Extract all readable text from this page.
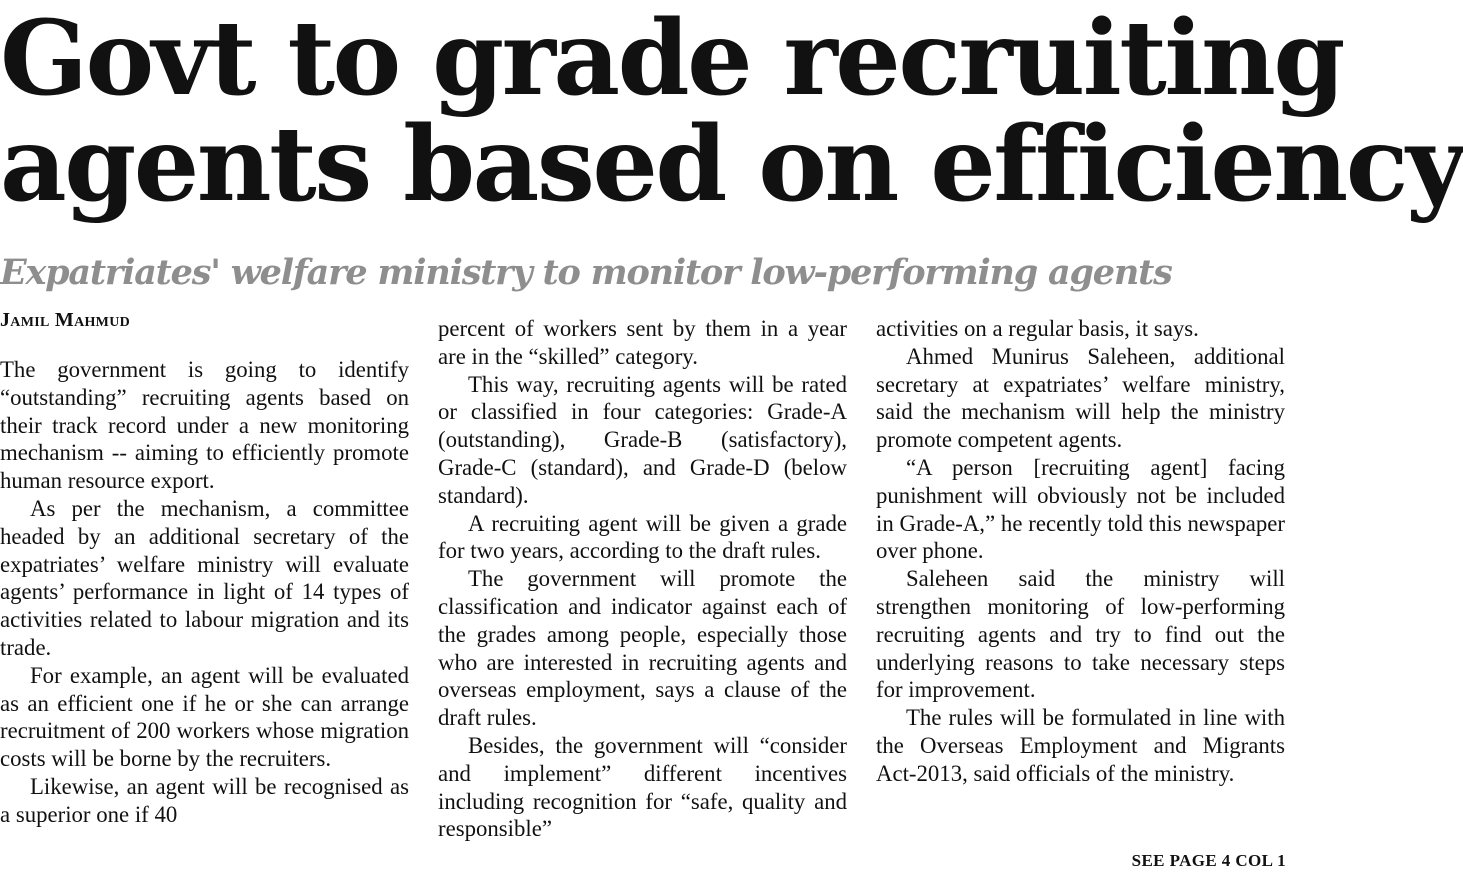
Govt to grade recruiting
agents based on efficiency
Expatriates' welfare ministry to monitor low-performing agents
Jamil Mahmud

The government is going to identify “outstanding” recruiting agents based on their track record under a new monitoring mechanism -- aiming to efficiently promote human resource export.

As per the mechanism, a committee headed by an additional secretary of the expatriates’ welfare ministry will evaluate agents’ performance in light of 14 types of activities related to labour migration and its trade.

For example, an agent will be evaluated as an efficient one if he or she can arrange recruitment of 200 workers whose migration costs will be borne by the recruiters.

Likewise, an agent will be recognised as a superior one if 40

percent of workers sent by them in a year are in the “skilled” category.

This way, recruiting agents will be rated or classified in four categories: Grade-A (outstanding), Grade-B (satisfactory), Grade-C (standard), and Grade-D (below standard).

A recruiting agent will be given a grade for two years, according to the draft rules.

The government will promote the classification and indicator against each of the grades among people, especially those who are interested in recruiting agents and overseas employment, says a clause of the draft rules.

Besides, the government will “consider and implement” different incentives including recognition for “safe, quality and responsible”

activities on a regular basis, it says.

Ahmed Munirus Saleheen, additional secretary at expatriates’ welfare ministry, said the mechanism will help the ministry promote competent agents.

“A person [recruiting agent] facing punishment will obviously not be included in Grade-A,” he recently told this newspaper over phone.

Saleheen said the ministry will strengthen monitoring of low-performing recruiting agents and try to find out the underlying reasons to take necessary steps for improvement.

The rules will be formulated in line with the Overseas Employment and Migrants Act-2013, said officials of the ministry.

SEE PAGE 4 COL 1
